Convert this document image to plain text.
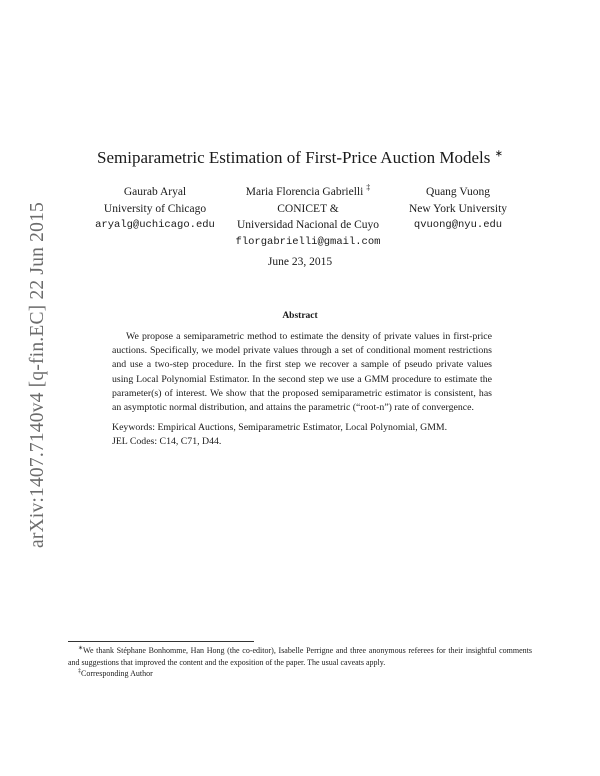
arXiv:1407.7140v4 [q-fin.EC] 22 Jun 2015
Semiparametric Estimation of First-Price Auction Models ∗
Gaurab Aryal
University of Chicago
aryalg@uchicago.edu
Maria Florencia Gabrielli ‡
CONICET &
Universidad Nacional de Cuyo
florgabrielli@gmail.com
Quang Vuong
New York University
qvuong@nyu.edu
June 23, 2015
Abstract

We propose a semiparametric method to estimate the density of private values in first-price auctions. Specifically, we model private values through a set of conditional moment restrictions and use a two-step procedure. In the first step we recover a sample of pseudo private values using Local Polynomial Estimator. In the second step we use a GMM procedure to estimate the parameter(s) of interest. We show that the proposed semiparametric estimator is consistent, has an asymptotic normal distribution, and attains the parametric (“root-n”) rate of convergence.

Keywords: Empirical Auctions, Semiparametric Estimator, Local Polynomial, GMM.
JEL Codes: C14, C71, D44.

∗We thank Stéphane Bonhomme, Han Hong (the co-editor), Isabelle Perrigne and three anonymous referees for their insightful comments and suggestions that improved the content and the exposition of the paper. The usual caveats apply.

‡Corresponding Author
